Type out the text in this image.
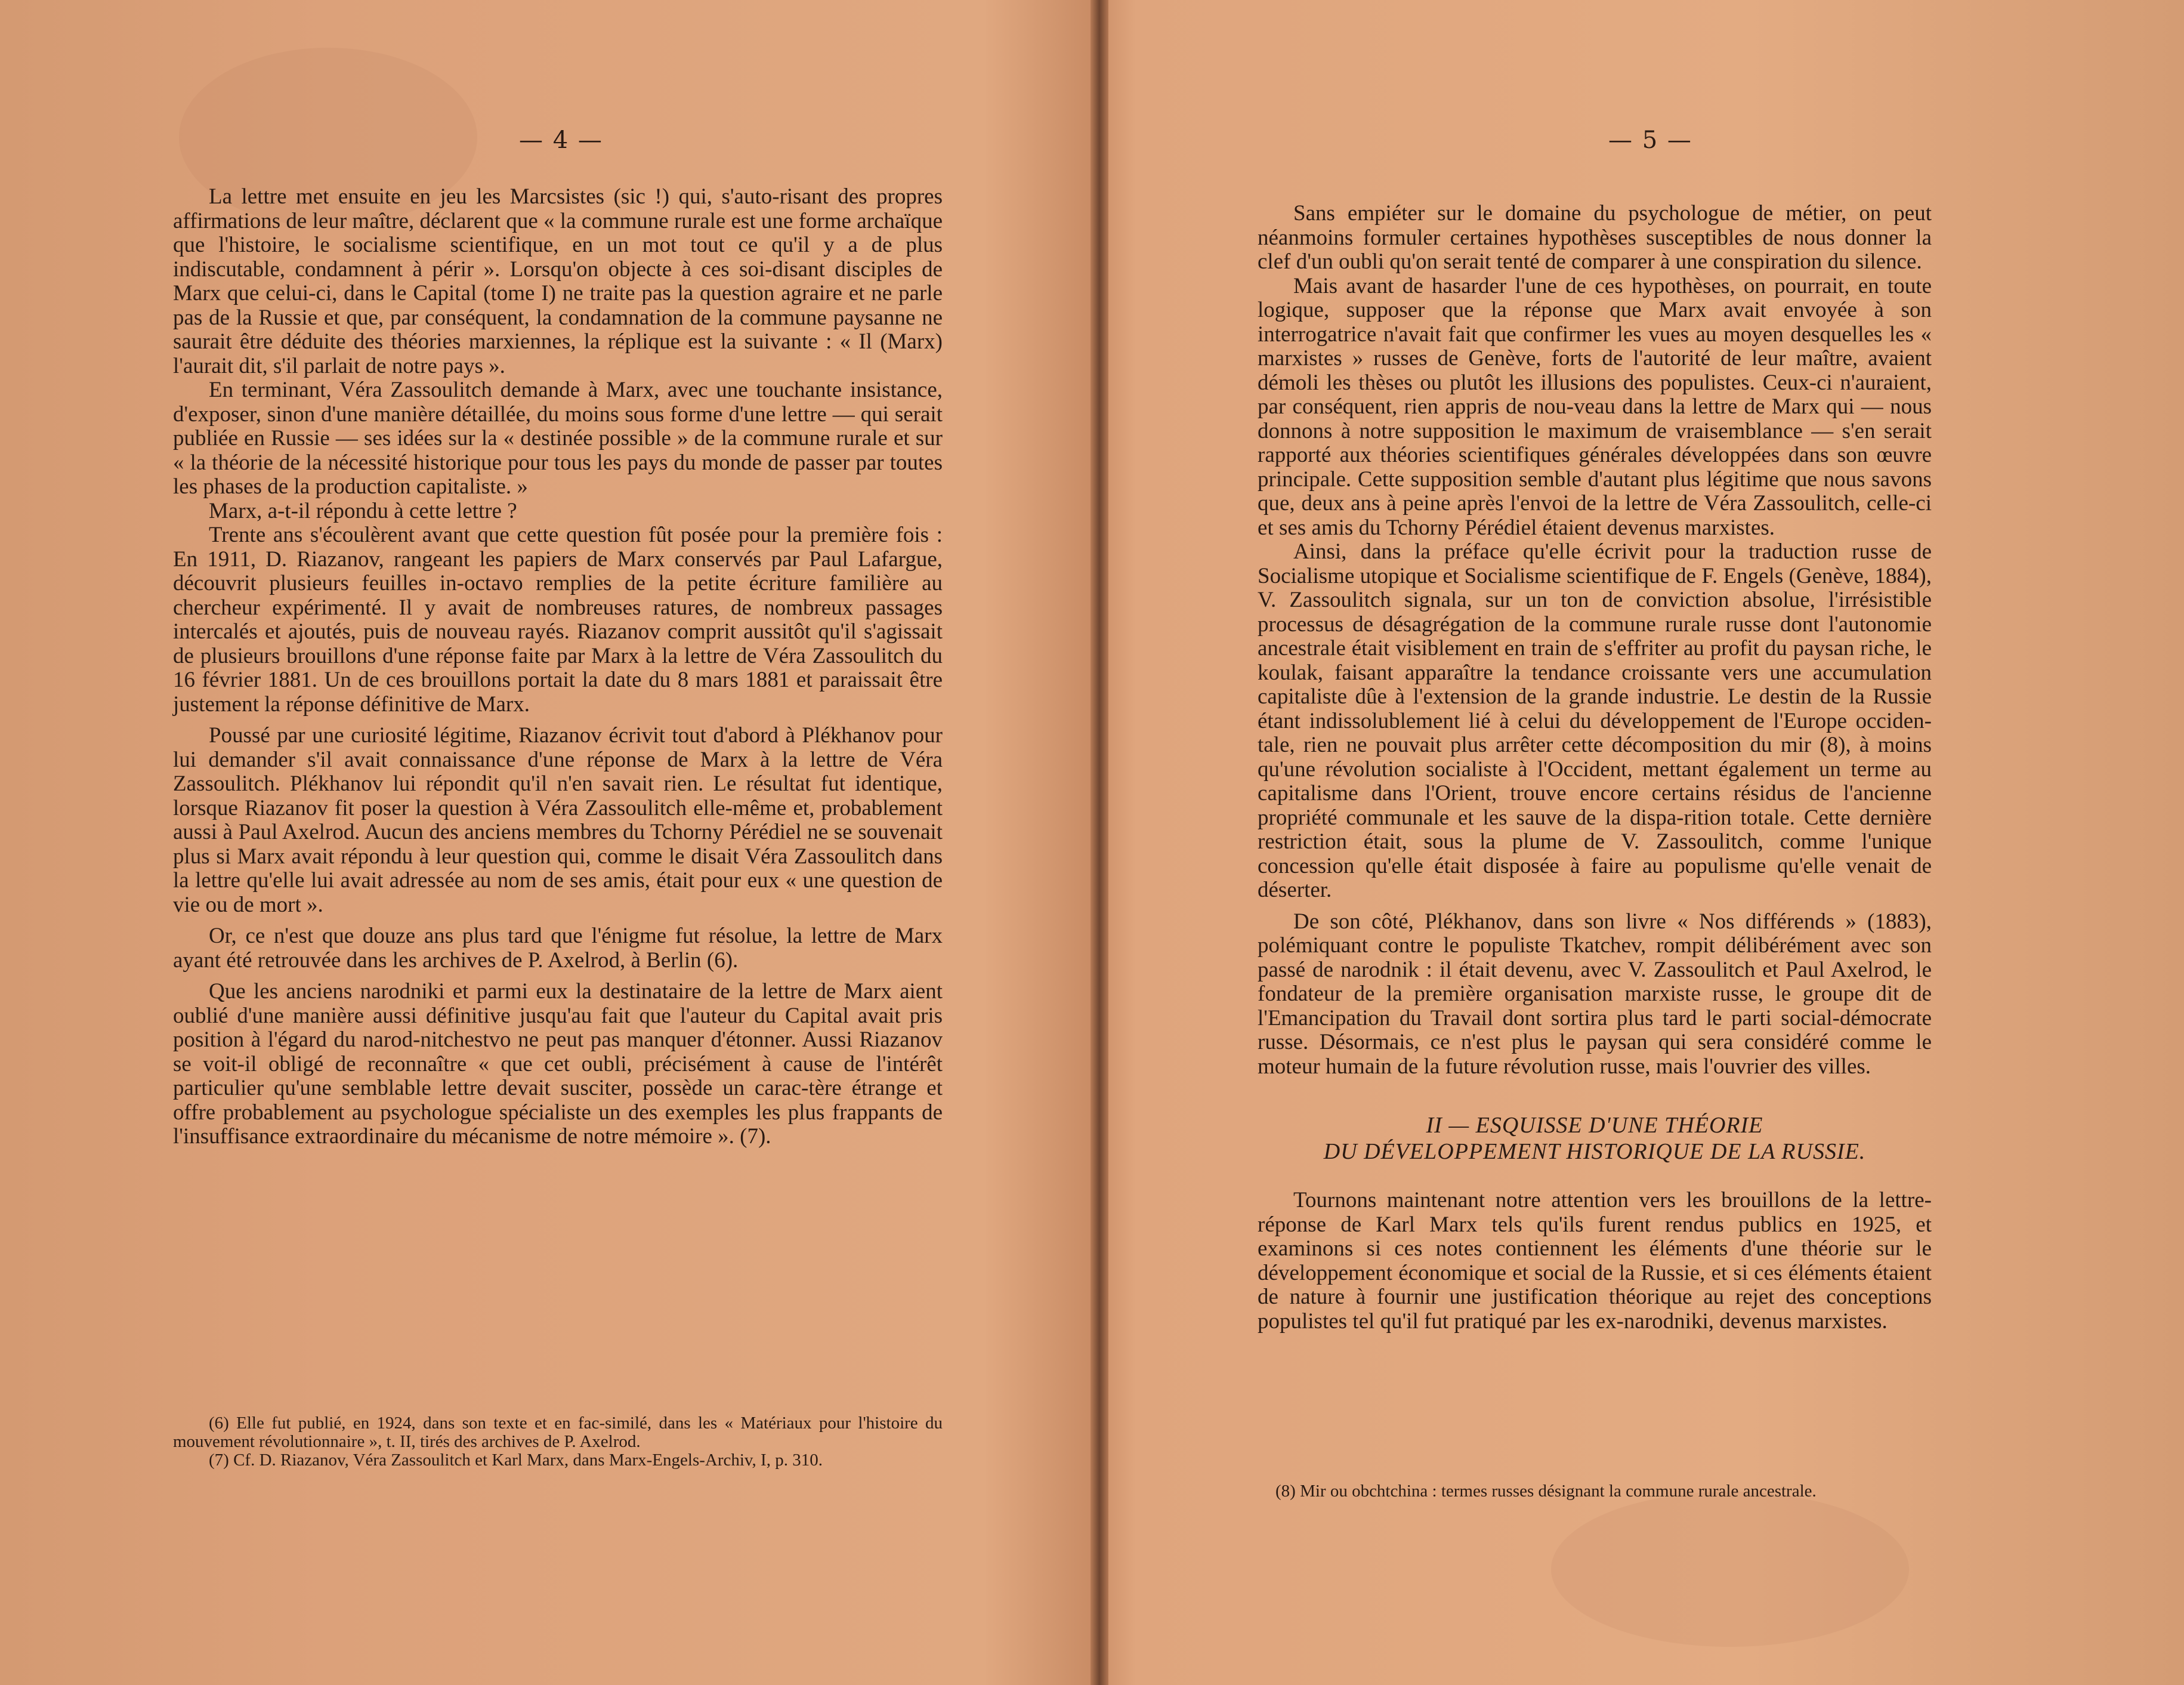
— 4 —

La lettre met ensuite en jeu les Marcsistes (sic !) qui, s'auto-risant des propres affirmations de leur maître, déclarent que « la commune rurale est une forme archaïque que l'histoire, le socialisme scientifique, en un mot tout ce qu'il y a de plus indiscutable, condamnent à périr ». Lorsqu'on objecte à ces soi-disant disciples de Marx que celui-ci, dans le Capital (tome I) ne traite pas la question agraire et ne parle pas de la Russie et que, par conséquent, la condamnation de la commune paysanne ne saurait être déduite des théories marxiennes, la réplique est la suivante : « Il (Marx) l'aurait dit, s'il parlait de notre pays ».

En terminant, Véra Zassoulitch demande à Marx, avec une touchante insistance, d'exposer, sinon d'une manière détaillée, du moins sous forme d'une lettre — qui serait publiée en Russie — ses idées sur la « destinée possible » de la commune rurale et sur « la théorie de la nécessité historique pour tous les pays du monde de passer par toutes les phases de la production capitaliste. »

Marx, a-t-il répondu à cette lettre ?

Trente ans s'écoulèrent avant que cette question fût posée pour la première fois : En 1911, D. Riazanov, rangeant les papiers de Marx conservés par Paul Lafargue, découvrit plusieurs feuilles in-octavo remplies de la petite écriture familière au chercheur expérimenté. Il y avait de nombreuses ratures, de nombreux passages intercalés et ajoutés, puis de nouveau rayés. Riazanov comprit aussitôt qu'il s'agissait de plusieurs brouillons d'une réponse faite par Marx à la lettre de Véra Zassoulitch du 16 février 1881. Un de ces brouillons portait la date du 8 mars 1881 et paraissait être justement la réponse définitive de Marx.

Poussé par une curiosité légitime, Riazanov écrivit tout d'abord à Plékhanov pour lui demander s'il avait connaissance d'une réponse de Marx à la lettre de Véra Zassoulitch. Plékhanov lui répondit qu'il n'en savait rien. Le résultat fut identique, lorsque Riazanov fit poser la question à Véra Zassoulitch elle-même et, probablement aussi à Paul Axelrod. Aucun des anciens membres du Tchorny Pérédiel ne se souvenait plus si Marx avait répondu à leur question qui, comme le disait Véra Zassoulitch dans la lettre qu'elle lui avait adressée au nom de ses amis, était pour eux « une question de vie ou de mort ».

Or, ce n'est que douze ans plus tard que l'énigme fut résolue, la lettre de Marx ayant été retrouvée dans les archives de P. Axelrod, à Berlin (6).

Que les anciens narodniki et parmi eux la destinataire de la lettre de Marx aient oublié d'une manière aussi définitive jusqu'au fait que l'auteur du Capital avait pris position à l'égard du narod-nitchestvo ne peut pas manquer d'étonner. Aussi Riazanov se voit-il obligé de reconnaître « que cet oubli, précisément à cause de l'intérêt particulier qu'une semblable lettre devait susciter, possède un carac-tère étrange et offre probablement au psychologue spécialiste un des exemples les plus frappants de l'insuffisance extraordinaire du mécanisme de notre mémoire ». (7).

(6) Elle fut publié, en 1924, dans son texte et en fac-similé, dans les « Matériaux pour l'histoire du mouvement révolutionnaire », t. II, tirés des archives de P. Axelrod.

(7) Cf. D. Riazanov, Véra Zassoulitch et Karl Marx, dans Marx-Engels-Archiv, I, p. 310.

— 5 —

Sans empiéter sur le domaine du psychologue de métier, on peut néanmoins formuler certaines hypothèses susceptibles de nous donner la clef d'un oubli qu'on serait tenté de comparer à une conspiration du silence.

Mais avant de hasarder l'une de ces hypothèses, on pourrait, en toute logique, supposer que la réponse que Marx avait envoyée à son interrogatrice n'avait fait que confirmer les vues au moyen desquelles les « marxistes » russes de Genève, forts de l'autorité de leur maître, avaient démoli les thèses ou plutôt les illusions des populistes. Ceux-ci n'auraient, par conséquent, rien appris de nou-veau dans la lettre de Marx qui — nous donnons à notre supposition le maximum de vraisemblance — s'en serait rapporté aux théories scientifiques générales développées dans son œuvre principale. Cette supposition semble d'autant plus légitime que nous savons que, deux ans à peine après l'envoi de la lettre de Véra Zassoulitch, celle-ci et ses amis du Tchorny Pérédiel étaient devenus marxistes.

Ainsi, dans la préface qu'elle écrivit pour la traduction russe de Socialisme utopique et Socialisme scientifique de F. Engels (Genève, 1884), V. Zassoulitch signala, sur un ton de conviction absolue, l'irrésistible processus de désagrégation de la commune rurale russe dont l'autonomie ancestrale était visiblement en train de s'effriter au profit du paysan riche, le koulak, faisant apparaître la tendance croissante vers une accumulation capitaliste dûe à l'extension de la grande industrie. Le destin de la Russie étant indissolublement lié à celui du développement de l'Europe occiden-tale, rien ne pouvait plus arrêter cette décomposition du mir (8), à moins qu'une révolution socialiste à l'Occident, mettant également un terme au capitalisme dans l'Orient, trouve encore certains résidus de l'ancienne propriété communale et les sauve de la dispa-rition totale. Cette dernière restriction était, sous la plume de V. Zassoulitch, comme l'unique concession qu'elle était disposée à faire au populisme qu'elle venait de déserter.

De son côté, Plékhanov, dans son livre « Nos différends » (1883), polémiquant contre le populiste Tkatchev, rompit délibérément avec son passé de narodnik : il était devenu, avec V. Zassoulitch et Paul Axelrod, le fondateur de la première organisation marxiste russe, le groupe dit de l'Emancipation du Travail dont sortira plus tard le parti social-démocrate russe. Désormais, ce n'est plus le paysan qui sera considéré comme le moteur humain de la future révolution russe, mais l'ouvrier des villes.

II — ESQUISSE D'UNE THÉORIE
DU DÉVELOPPEMENT HISTORIQUE DE LA RUSSIE.

Tournons maintenant notre attention vers les brouillons de la lettre-réponse de Karl Marx tels qu'ils furent rendus publics en 1925, et examinons si ces notes contiennent les éléments d'une théorie sur le développement économique et social de la Russie, et si ces éléments étaient de nature à fournir une justification théorique au rejet des conceptions populistes tel qu'il fut pratiqué par les ex-narodniki, devenus marxistes.

(8) Mir ou obchtchina : termes russes désignant la commune rurale ancestrale.
